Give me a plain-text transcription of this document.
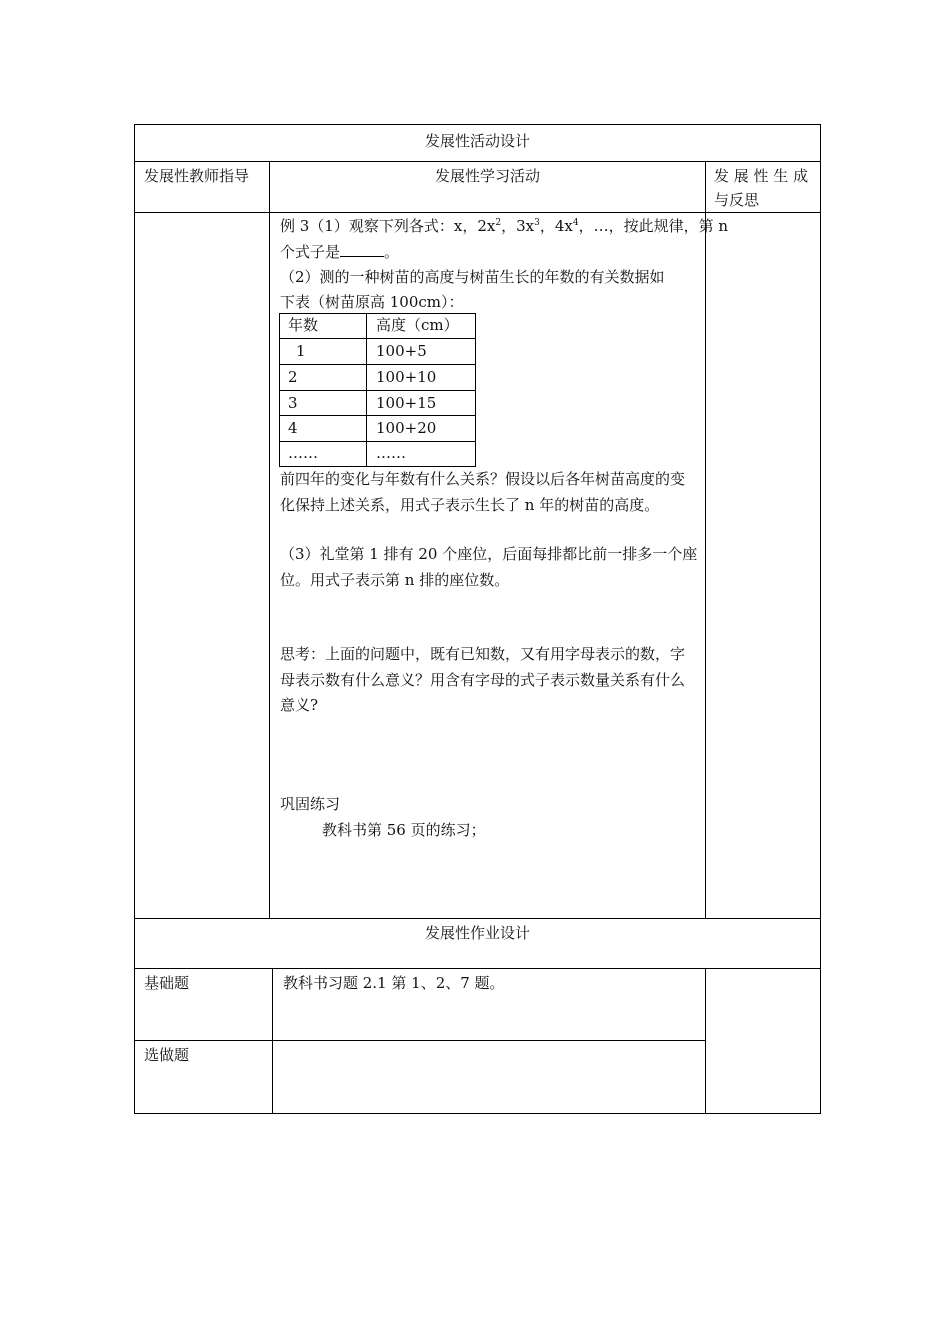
发展性活动设计
发展性教师指导	发展性学习活动	发 展 性 生 成
与反思
例 3（1）观察下列各式：x，$2x^2$，$3x^3$，$4x^4$，…，按此规律，第 n
个式子是	。
（2）测的一种树苗的高度与树苗生长的年数的有关数据如
下表（树苗原高 100cm）：
年数	高度（cm）
1	100+5
2	100+10
3	100+15
4	100+20
……	……
前四年的变化与年数有什么关系？假设以后各年树苗高度的变化保持上述关系，用式子表示生长了 n 年的树苗的高度。
（3）礼堂第 1 排有 20 个座位，后面每排都比前一排多一个座位。用式子表示第 n 排的座位数。
思考：上面的问题中，既有已知数，又有用字母表示的数，字母表示数有什么意义？用含有字母的式子表示数量关系有什么意义?
巩固练习
教科书第 56 页的练习；
发展性作业设计
基础题	教科书习题 2.1 第 1、2、7 题。
选做题
